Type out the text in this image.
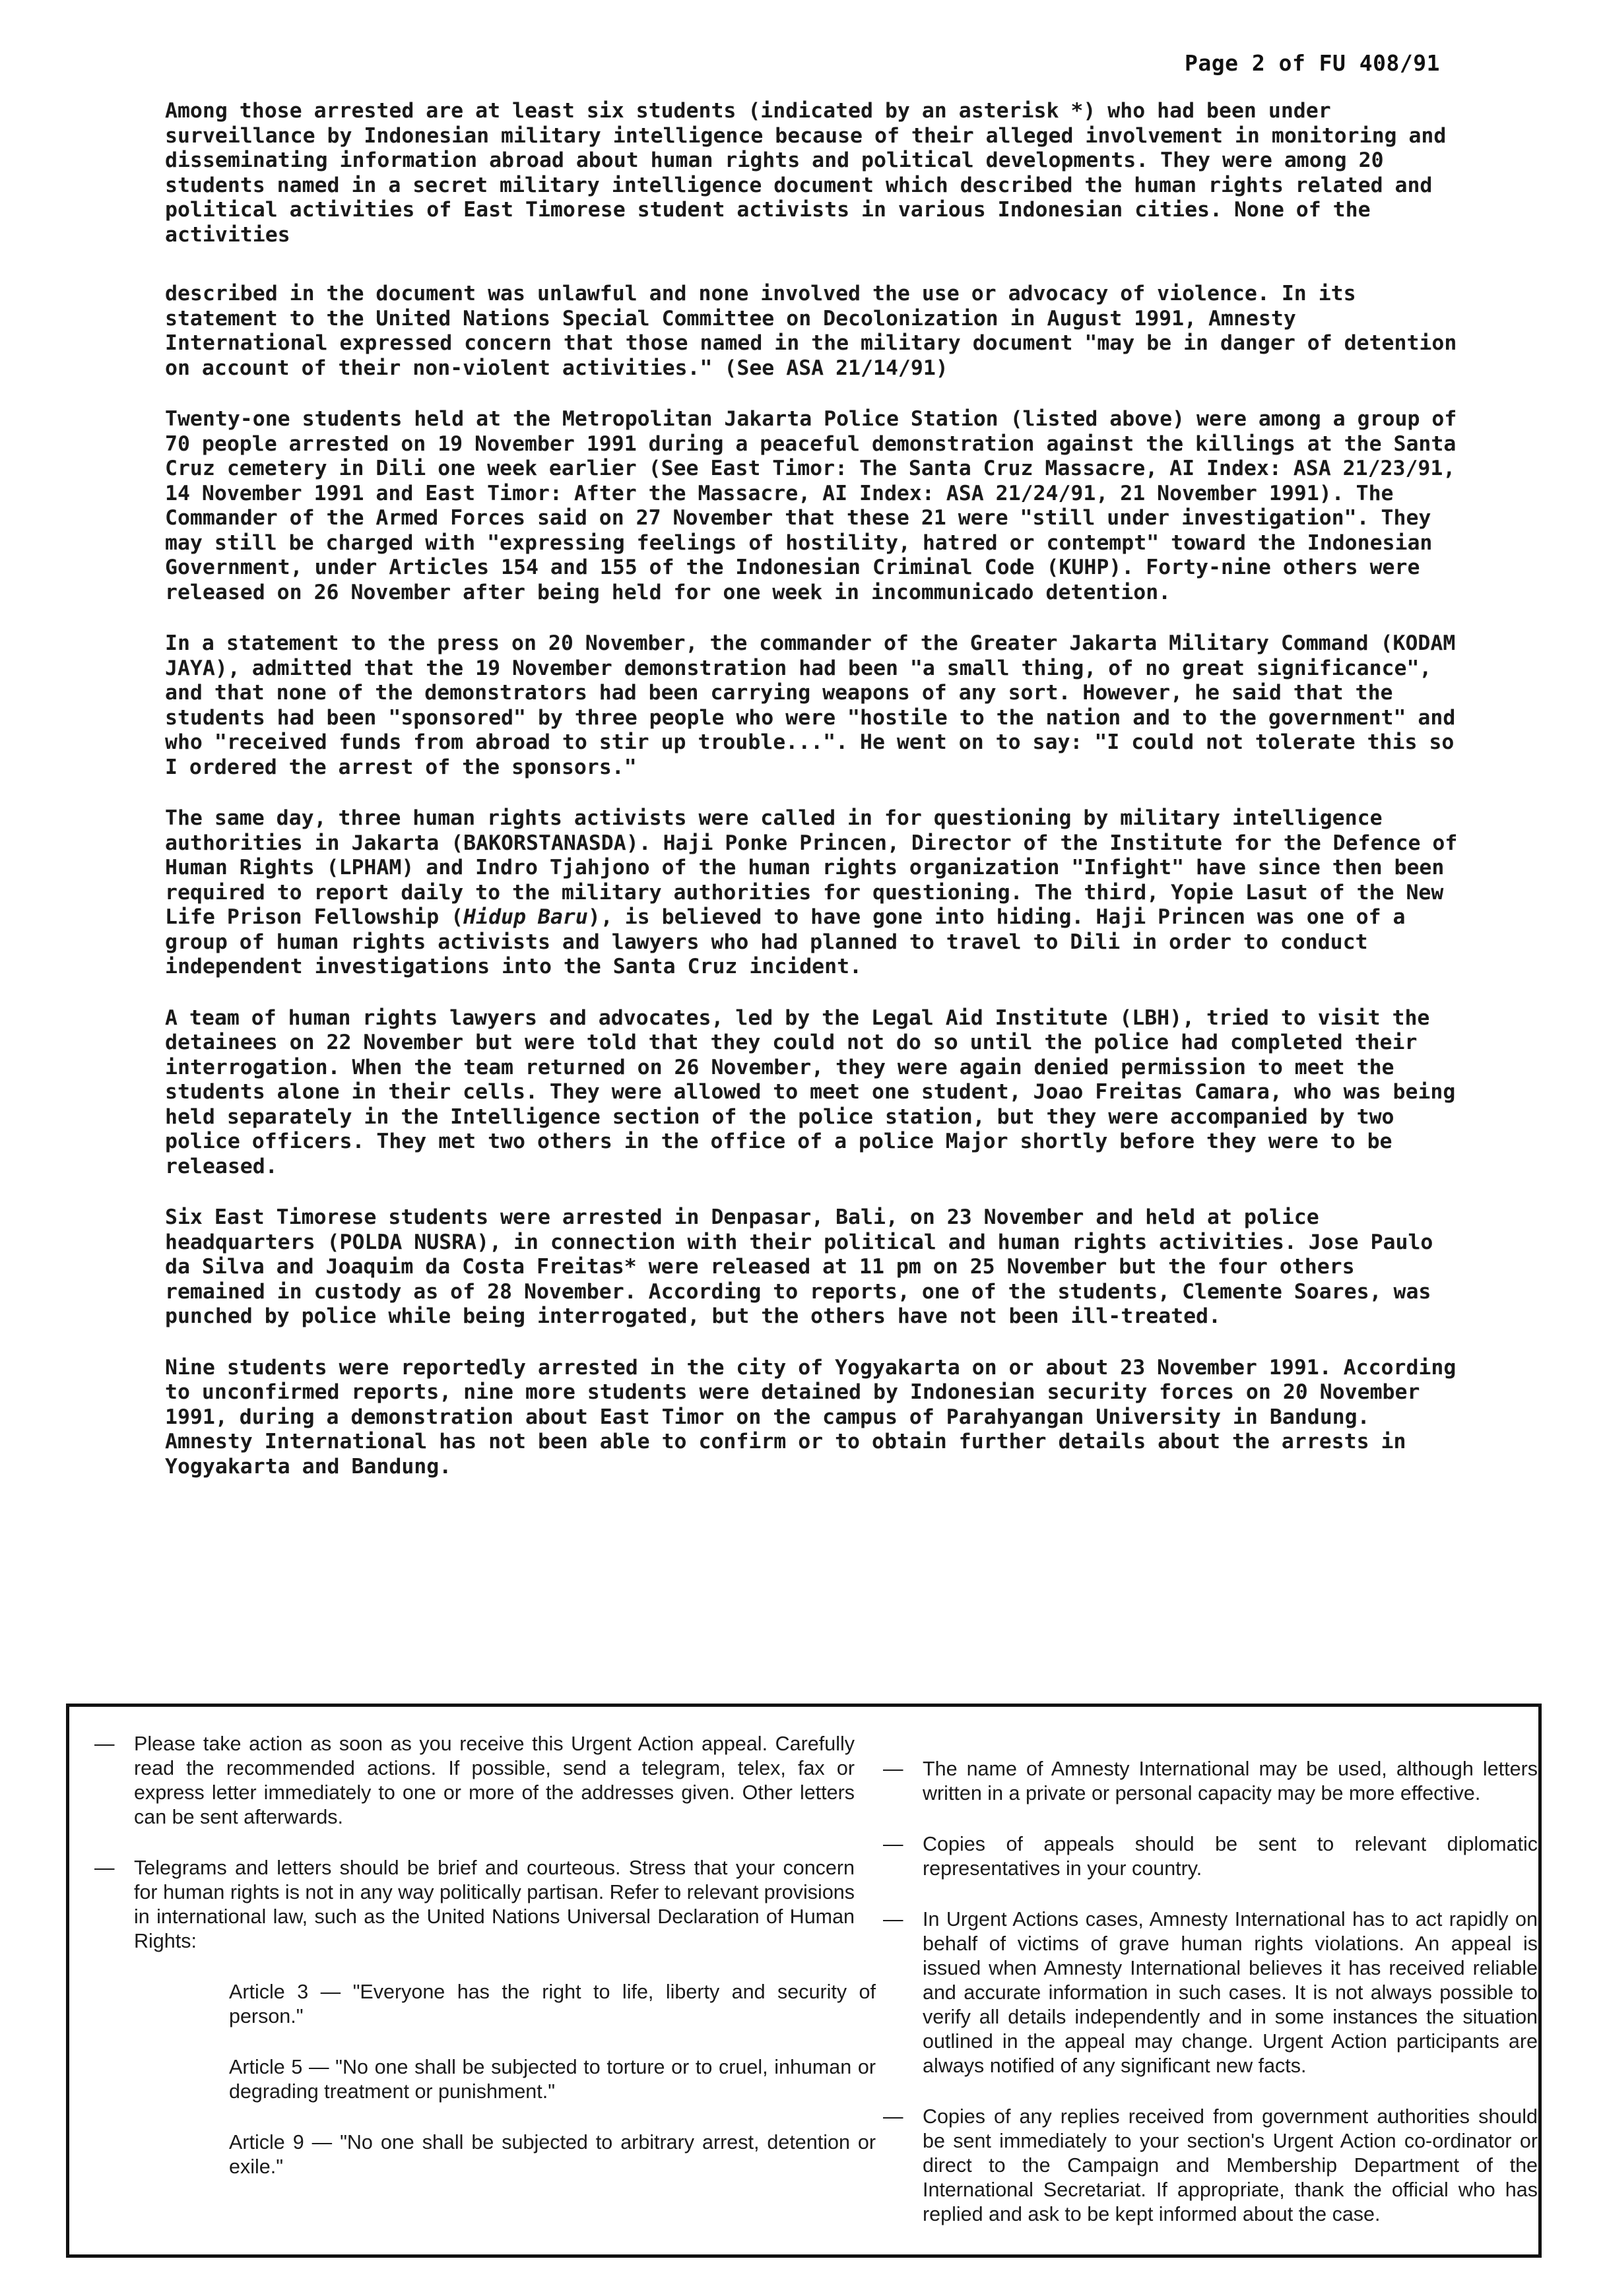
Page 2 of FU 408/91

Among those arrested are at least six students (indicated by an asterisk *) who had been under surveillance by Indonesian military intelligence because of their alleged involvement in monitoring and disseminating information abroad about human rights and political developments. They were among 20 students named in a secret military intelligence document which described the human rights related and political activities of East Timorese student activists in various Indonesian cities. None of the activities

described in the document was unlawful and none involved the use or advocacy of violence. In its statement to the United Nations Special Committee on Decolonization in August 1991, Amnesty International expressed concern that those named in the military document "may be in danger of detention on account of their non-violent activities." (See ASA 21/14/91)

Twenty-one students held at the Metropolitan Jakarta Police Station (listed above) were among a group of 70 people arrested on 19 November 1991 during a peaceful demonstration against the killings at the Santa Cruz cemetery in Dili one week earlier (See East Timor: The Santa Cruz Massacre, AI Index: ASA 21/23/91, 14 November 1991 and East Timor: After the Massacre, AI Index: ASA 21/24/91, 21 November 1991). The Commander of the Armed Forces said on 27 November that these 21 were "still under investigation". They may still be charged with "expressing feelings of hostility, hatred or contempt" toward the Indonesian Government, under Articles 154 and 155 of the Indonesian Criminal Code (KUHP). Forty-nine others were released on 26 November after being held for one week in incommunicado detention.

In a statement to the press on 20 November, the commander of the Greater Jakarta Military Command (KODAM JAYA), admitted that the 19 November demonstration had been "a small thing, of no great significance", and that none of the demonstrators had been carrying weapons of any sort. However, he said that the students had been "sponsored" by three people who were "hostile to the nation and to the government" and who "received funds from abroad to stir up trouble...". He went on to say: "I could not tolerate this so I ordered the arrest of the sponsors."

The same day, three human rights activists were called in for questioning by military intelligence authorities in Jakarta (BAKORSTANASDA). Haji Ponke Princen, Director of the Institute for the Defence of Human Rights (LPHAM) and Indro Tjahjono of the human rights organization "Infight" have since then been required to report daily to the military authorities for questioning. The third, Yopie Lasut of the New Life Prison Fellowship (Hidup Baru), is believed to have gone into hiding. Haji Princen was one of a group of human rights activists and lawyers who had planned to travel to Dili in order to conduct independent investigations into the Santa Cruz incident.

A team of human rights lawyers and advocates, led by the Legal Aid Institute (LBH), tried to visit the detainees on 22 November but were told that they could not do so until the police had completed their interrogation. When the team returned on 26 November, they were again denied permission to meet the students alone in their cells. They were allowed to meet one student, Joao Freitas Camara, who was being held separately in the Intelligence section of the police station, but they were accompanied by two police officers. They met two others in the office of a police Major shortly before they were to be released.

Six East Timorese students were arrested in Denpasar, Bali, on 23 November and held at police headquarters (POLDA NUSRA), in connection with their political and human rights activities. Jose Paulo da Silva and Joaquim da Costa Freitas* were released at 11 pm on 25 November but the four others remained in custody as of 28 November. According to reports, one of the students, Clemente Soares, was punched by police while being interrogated, but the others have not been ill-treated.

Nine students were reportedly arrested in the city of Yogyakarta on or about 23 November 1991. According to unconfirmed reports, nine more students were detained by Indonesian security forces on 20 November 1991, during a demonstration about East Timor on the campus of Parahyangan University in Bandung. Amnesty International has not been able to confirm or to obtain further details about the arrests in Yogyakarta and Bandung.

— Please take action as soon as you receive this Urgent Action appeal. Carefully read the recommended actions. If possible, send a telegram, telex, fax or express letter immediately to one or more of the addresses given. Other letters can be sent afterwards.
— Telegrams and letters should be brief and courteous. Stress that your concern for human rights is not in any way politically partisan. Refer to relevant provisions in international law, such as the United Nations Universal Declaration of Human Rights:
Article 3 — "Everyone has the right to life, liberty and security of person."
Article 5 — "No one shall be subjected to torture or to cruel, inhuman or degrading treatment or punishment."
Article 9 — "No one shall be subjected to arbitrary arrest, detention or exile."
— The name of Amnesty International may be used, although letters written in a private or personal capacity may be more effective.
— Copies of appeals should be sent to relevant diplomatic representatives in your country.
— In Urgent Actions cases, Amnesty International has to act rapidly on behalf of victims of grave human rights violations. An appeal is issued when Amnesty International believes it has received reliable and accurate information in such cases. It is not always possible to verify all details independently and in some instances the situation outlined in the appeal may change. Urgent Action participants are always notified of any significant new facts.
— Copies of any replies received from government authorities should be sent immediately to your section's Urgent Action co-ordinator or direct to the Campaign and Membership Department of the International Secretariat. If appropriate, thank the official who has replied and ask to be kept informed about the case.
